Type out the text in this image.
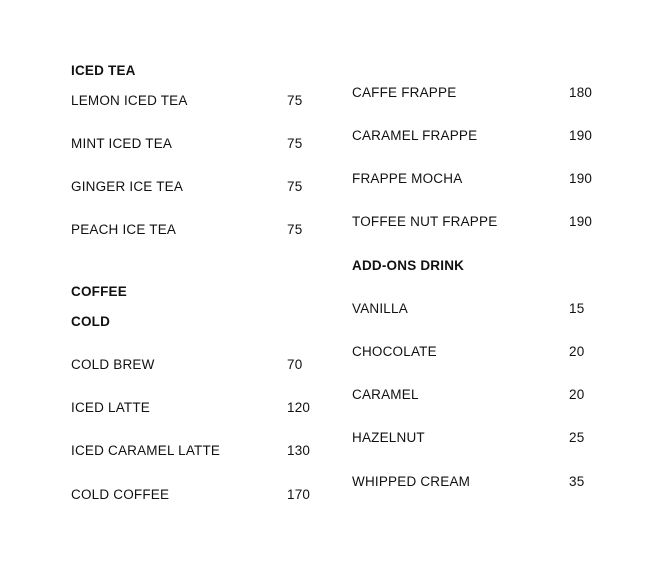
ICED TEA
LEMON ICED TEA	75
MINT ICED TEA	75
GINGER ICE TEA	75
PEACH ICE TEA	75
COFFEE
COLD
COLD BREW	70
ICED LATTE	120
ICED CARAMEL LATTE	130
COLD COFFEE	170
CAFFE FRAPPE	180
CARAMEL FRAPPE	190
FRAPPE MOCHA	190
TOFFEE NUT FRAPPE	190
ADD-ONS DRINK
VANILLA	15
CHOCOLATE	20
CARAMEL	20
HAZELNUT	25
WHIPPED CREAM	35
